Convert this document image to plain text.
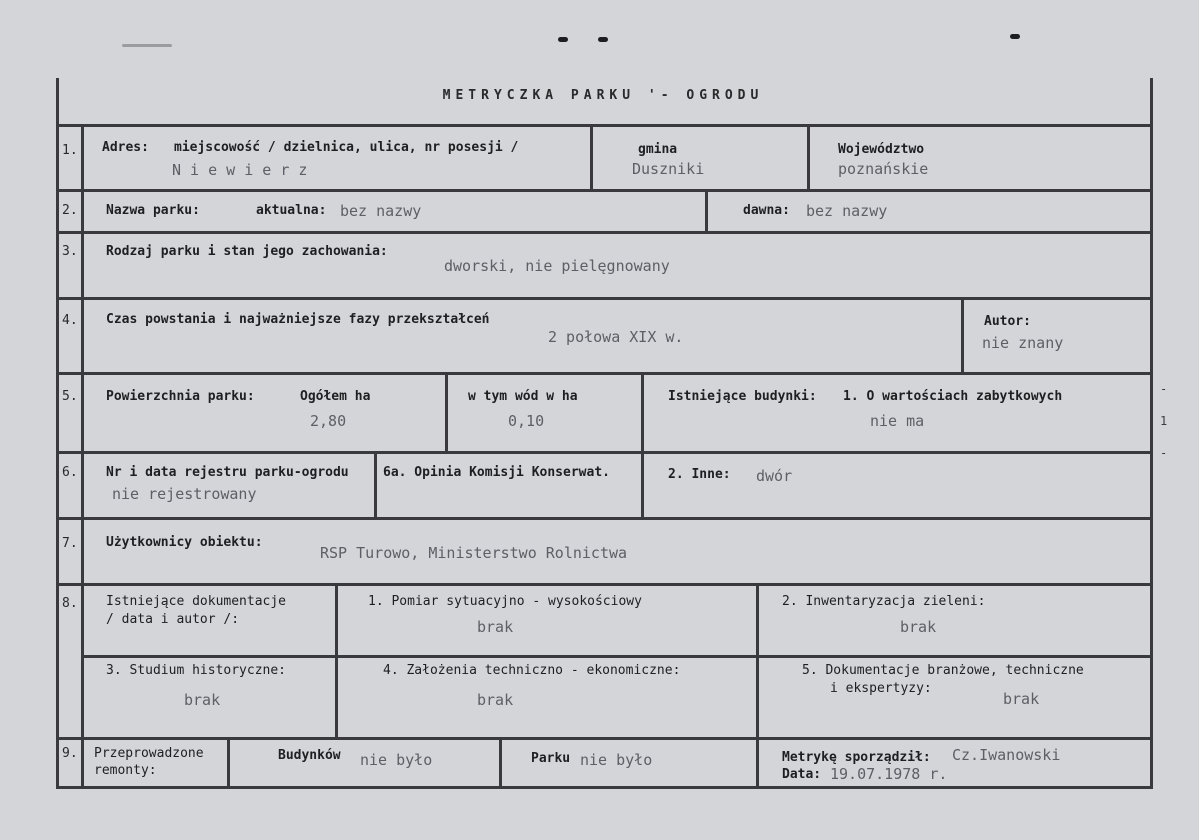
METRYCZKA PARKU '- OGRODU
1. Adres: miejscowość / dzielnica, ulica, nr posesji /
N i e w i e r z
gmina
Duszniki
Województwo
poznańskie
2. Nazwa parku:	aktualna: bez nazwy	dawna: bez nazwy
3. Rodzaj parku i stan jego zachowania:
dworski, nie pielęgnowany
4. Czas powstania i najważniejsze fazy przekształceń
2 połowa XIX w.
Autor:
nie znany
5. Powierzchnia parku:	Ogółem ha
2,80
w tym wód w ha
0,10
Istniejące budynki: 1. O wartościach zabytkowych
nie ma
6. Nr i data rejestru parku-ogrodu
nie rejestrowany
6a. Opinia Komisji Konserwat.	2. Inne: dwór
7. Użytkownicy obiektu:
RSP Turowo, Ministerstwo Rolnictwa
8. Istniejące dokumentacje
/ data i autor /:
1. Pomiar sytuacyjno - wysokościowy
brak
2. Inwentaryzacja zieleni:
brak
3. Studium historyczne:
brak
4. Założenia techniczno - ekonomiczne:
brak
5. Dokumentacje branżowe, techniczne
i ekspertyzy:
brak
9. Przeprowadzone
remonty:
Budynków nie było	Parku nie było	Metrykę sporządził: Cz.Iwanowski
Data: 19.07.1978 r.
-
1
-
